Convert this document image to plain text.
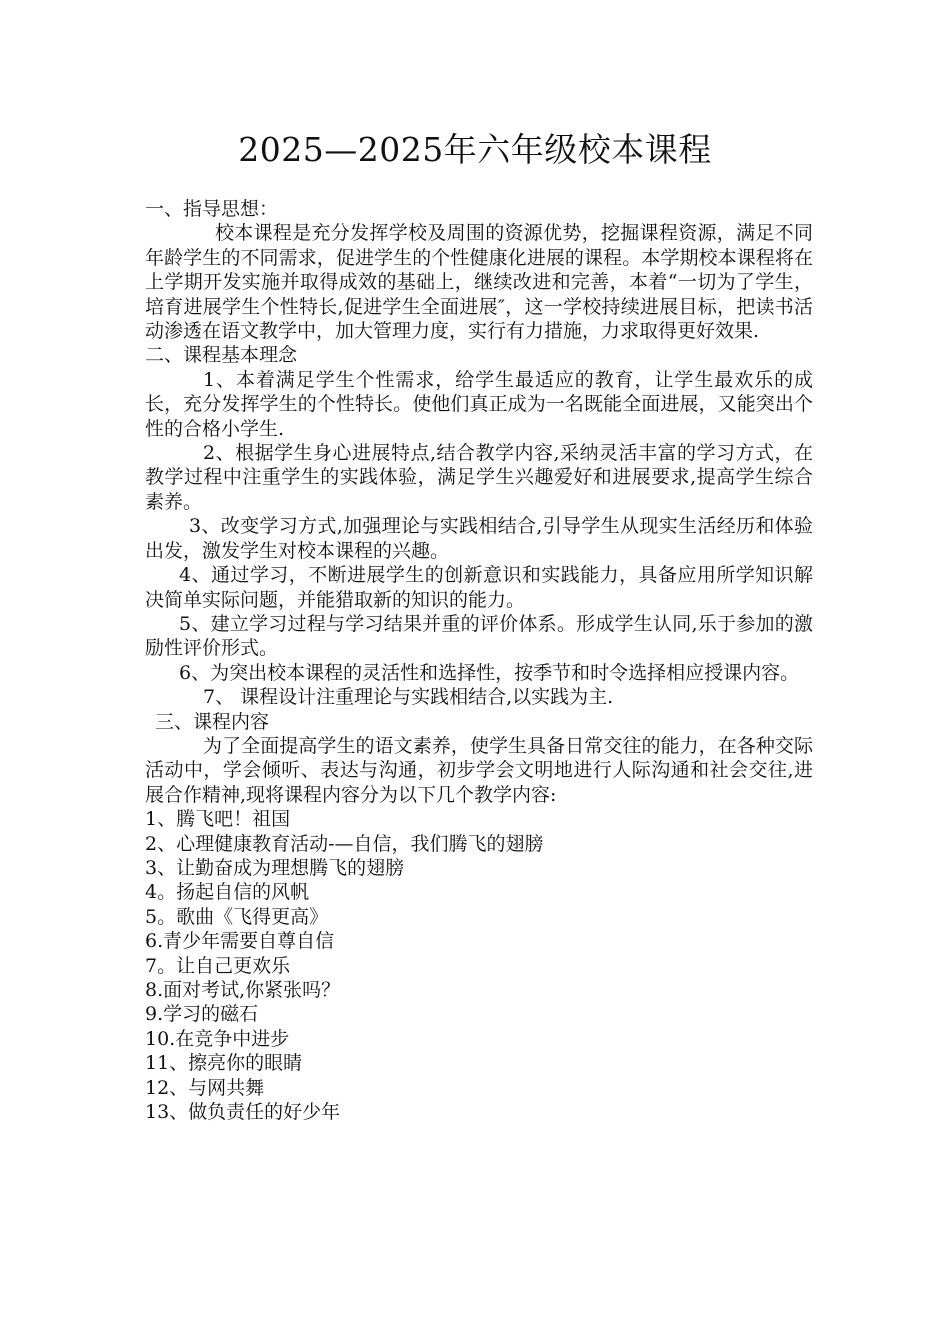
2025—2025年六年级校本课程

一、指导思想：

校本课程是充分发挥学校及周围的资源优势，挖掘课程资源，满足不同年龄学生的不同需求，促进学生的个性健康化进展的课程。本学期校本课程将在上学期开发实施并取得成效的基础上，继续改进和完善，本着“一切为了学生，培育进展学生个性特长,促进学生全面进展″，这一学校持续进展目标，把读书活动渗透在语文教学中，加大管理力度，实行有力措施，力求取得更好效果.

二、课程基本理念

1、本着满足学生个性需求，给学生最适应的教育，让学生最欢乐的成长，充分发挥学生的个性特长。使他们真正成为一名既能全面进展，又能突出个性的合格小学生.

2、根据学生身心进展特点,结合教学内容,采纳灵活丰富的学习方式，在教学过程中注重学生的实践体验，满足学生兴趣爱好和进展要求,提高学生综合素养。

3、改变学习方式,加强理论与实践相结合,引导学生从现实生活经历和体验出发，激发学生对校本课程的兴趣。

4、通过学习，不断进展学生的创新意识和实践能力，具备应用所学知识解决简单实际问题，并能猎取新的知识的能力。

5、建立学习过程与学习结果并重的评价体系。形成学生认同,乐于参加的激励性评价形式。

6、为突出校本课程的灵活性和选择性，按季节和时令选择相应授课内容。

7、 课程设计注重理论与实践相结合,以实践为主.

三、课程内容

为了全面提高学生的语文素养，使学生具备日常交往的能力，在各种交际活动中，学会倾听、表达与沟通，初步学会文明地进行人际沟通和社会交往,进展合作精神,现将课程内容分为以下几个教学内容:

1、腾飞吧！祖国

2、心理健康教育活动-—自信，我们腾飞的翅膀

3、让勤奋成为理想腾飞的翅膀

4。扬起自信的风帆

5。歌曲《飞得更高》

6.青少年需要自尊自信

7。让自己更欢乐

8.面对考试,你紧张吗？

9.学习的磁石

10.在竞争中进步

11、擦亮你的眼睛

12、与网共舞

13、做负责任的好少年
